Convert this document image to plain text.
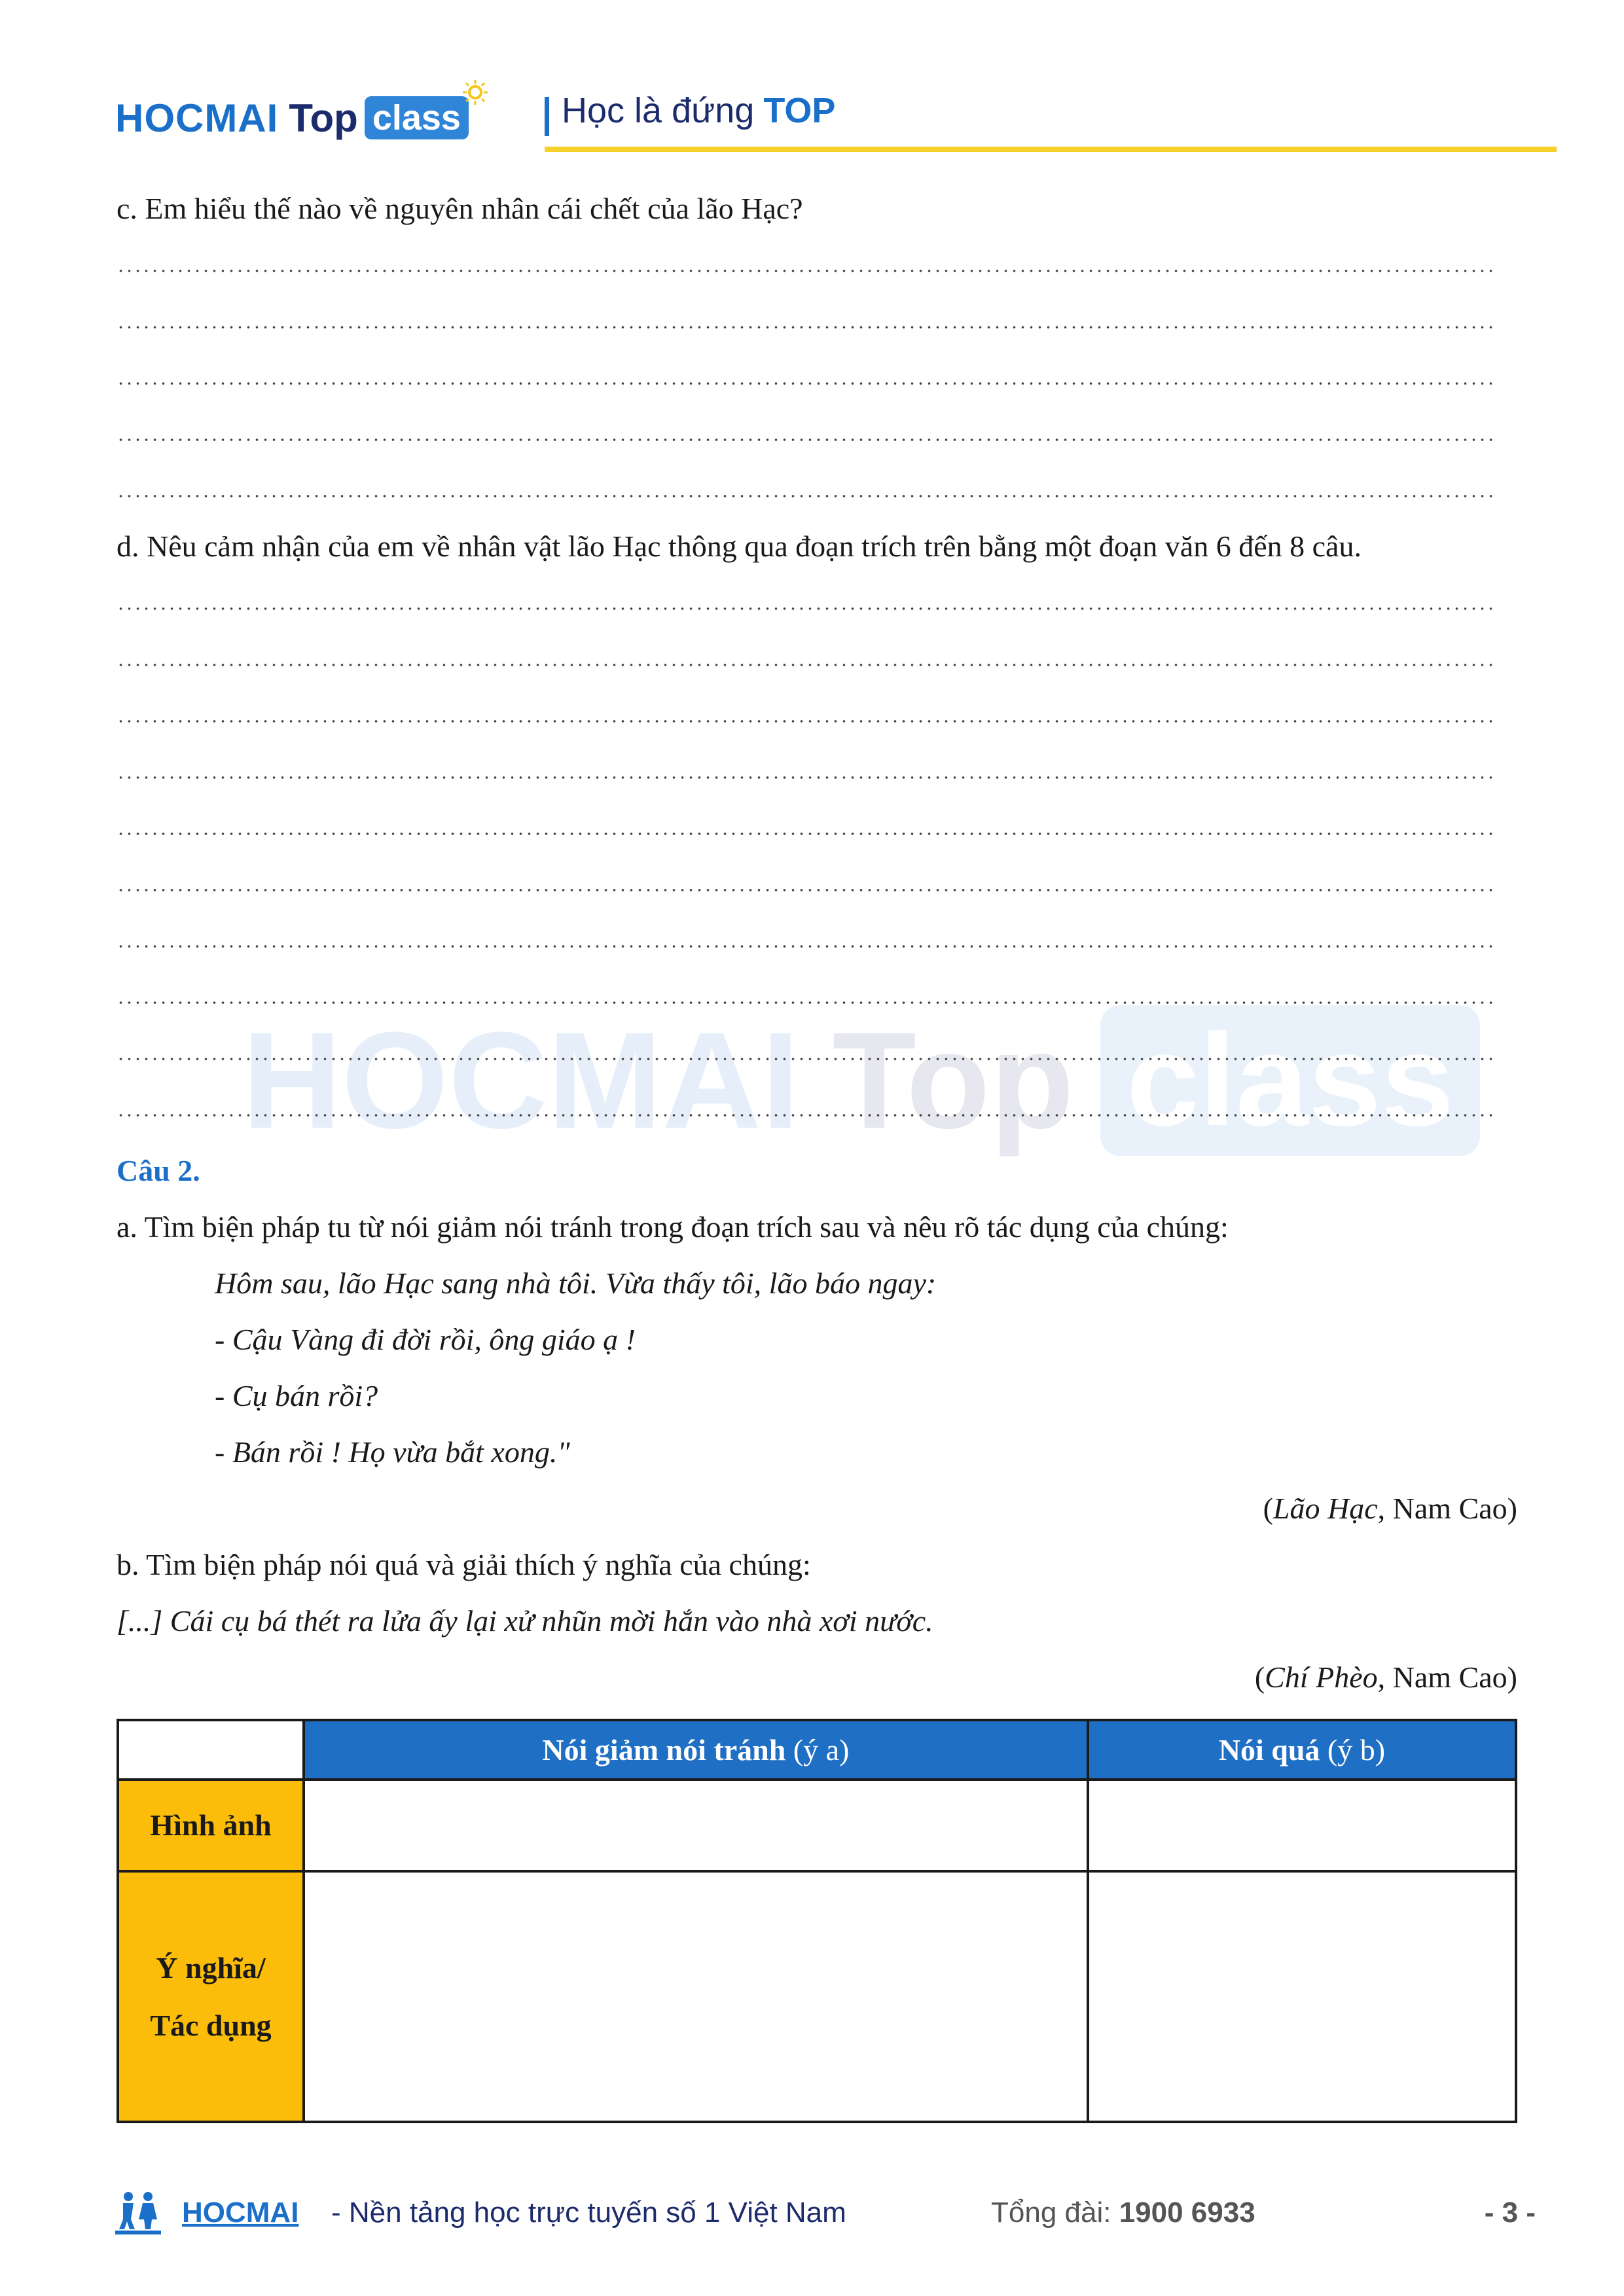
HOCMAI Top class	Học là đứng TOP
HOCMAI Top class
c. Em hiểu thế nào về nguyên nhân cái chết của lão Hạc?
d. Nêu cảm nhận của em về nhân vật lão Hạc thông qua đoạn trích trên bằng một đoạn văn 6 đến 8 câu.
Câu 2.
a. Tìm biện pháp tu từ nói giảm nói tránh trong đoạn trích sau và nêu rõ tác dụng của chúng:
Hôm sau, lão Hạc sang nhà tôi. Vừa thấy tôi, lão báo ngay:
- Cậu Vàng đi đời rồi, ông giáo ạ !
- Cụ bán rồi?
- Bán rồi ! Họ vừa bắt xong."
(Lão Hạc, Nam Cao)
b. Tìm biện pháp nói quá và giải thích ý nghĩa của chúng:
[...] Cái cụ bá thét ra lửa ấy lại xử nhũn mời hắn vào nhà xơi nước.
(Chí Phèo, Nam Cao)
	Nói giảm nói tránh (ý a)	Nói quá (ý b)
Hình ảnh		
Ý nghĩa/
Tác dụng		
HOCMAI - Nền tảng học trực tuyến số 1 Việt Nam	Tổng đài: 1900 6933	- 3 -
